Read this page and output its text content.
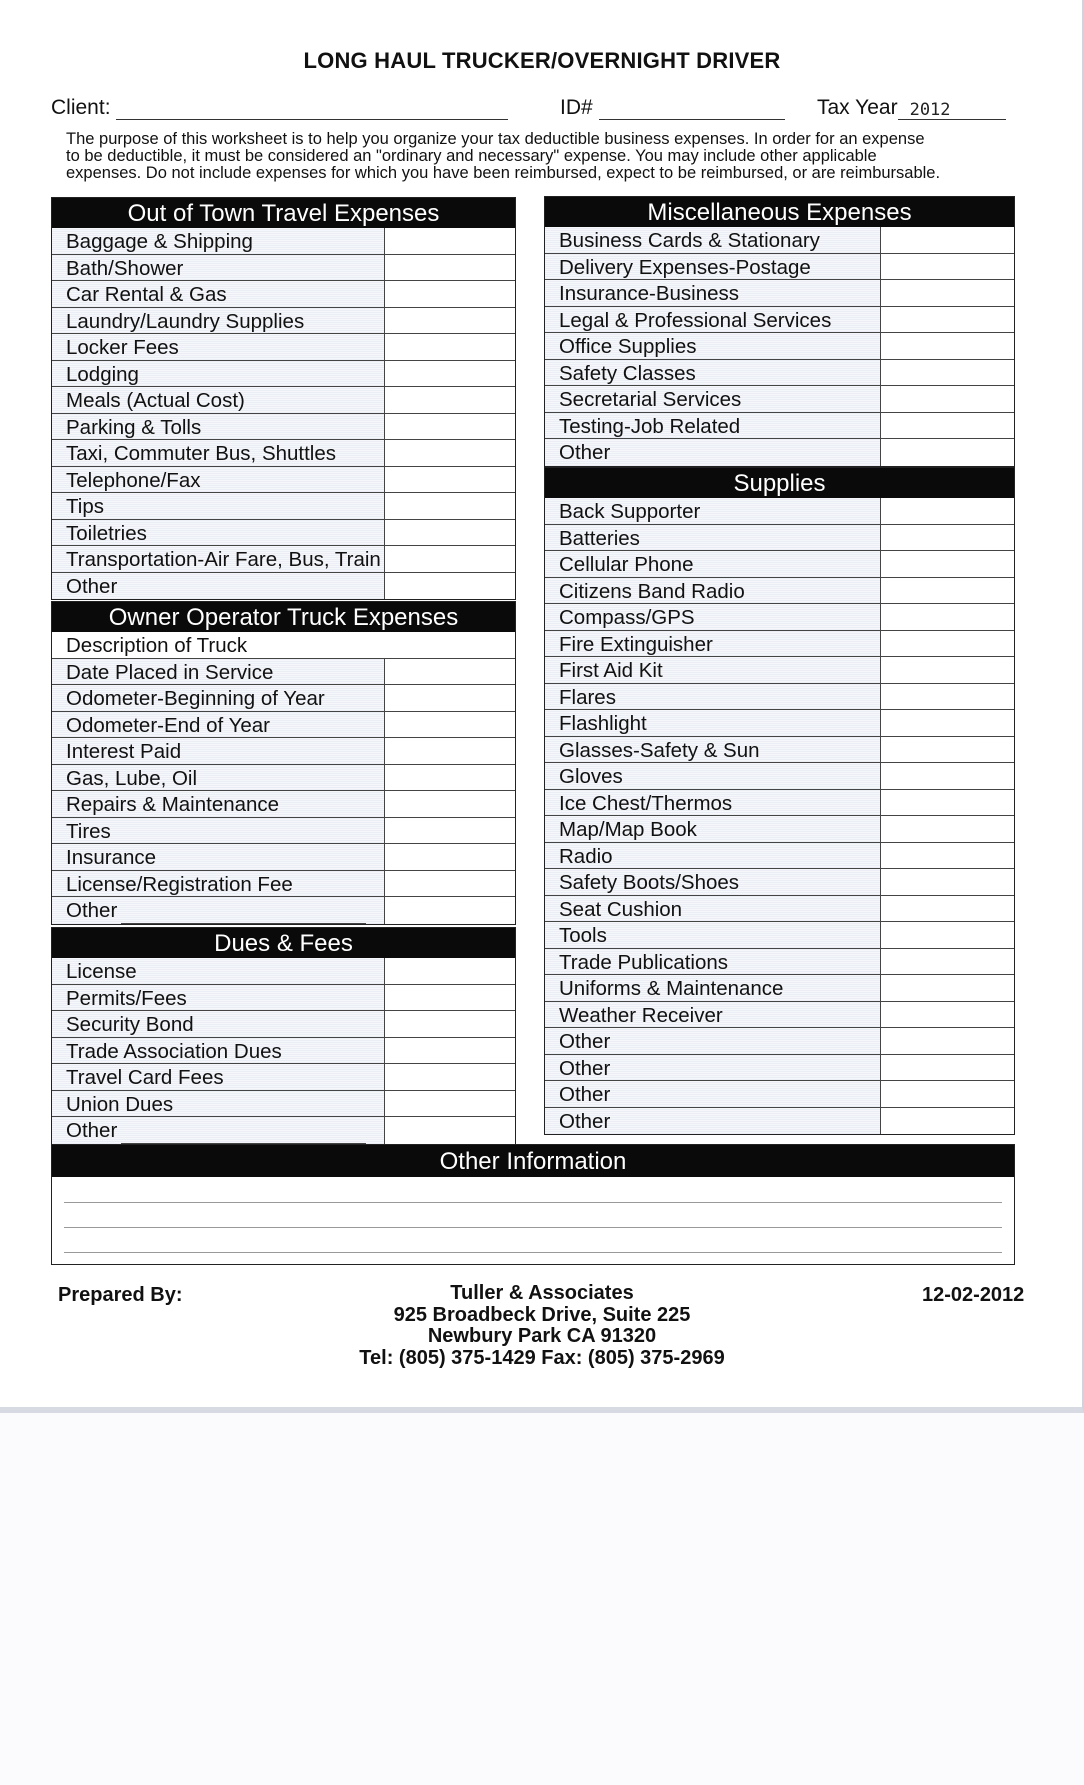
LONG HAUL TRUCKER/OVERNIGHT DRIVER
Client:	ID#	Tax Year 2012
The purpose of this worksheet is to help you organize your tax deductible business expenses. In order for an expense
to be deductible, it must be considered an "ordinary and necessary" expense. You may include other applicable
expenses. Do not include expenses for which you have been reimbursed, expect to be reimbursed, or are reimbursable.
Out of Town Travel Expenses
Baggage & Shipping
Bath/Shower
Car Rental & Gas
Laundry/Laundry Supplies
Locker Fees
Lodging
Meals (Actual Cost)
Parking & Tolls
Taxi, Commuter Bus, Shuttles
Telephone/Fax
Tips
Toiletries
Transportation-Air Fare, Bus, Train
Other
Owner Operator Truck Expenses
Description of Truck
Date Placed in Service
Odometer-Beginning of Year
Odometer-End of Year
Interest Paid
Gas, Lube, Oil
Repairs & Maintenance
Tires
Insurance
License/Registration Fee
Other
Dues & Fees
License
Permits/Fees
Security Bond
Trade Association Dues
Travel Card Fees
Union Dues
Other
Miscellaneous Expenses
Business Cards & Stationary
Delivery Expenses-Postage
Insurance-Business
Legal & Professional Services
Office Supplies
Safety Classes
Secretarial Services
Testing-Job Related
Other
Supplies
Back Supporter
Batteries
Cellular Phone
Citizens Band Radio
Compass/GPS
Fire Extinguisher
First Aid Kit
Flares
Flashlight
Glasses-Safety & Sun
Gloves
Ice Chest/Thermos
Map/Map Book
Radio
Safety Boots/Shoes
Seat Cushion
Tools
Trade Publications
Uniforms & Maintenance
Weather Receiver
Other
Other
Other
Other
Other Information
Prepared By:	12-02-2012
Tuller & Associates
925 Broadbeck Drive, Suite 225
Newbury Park CA 91320
Tel: (805) 375-1429 Fax: (805) 375-2969
